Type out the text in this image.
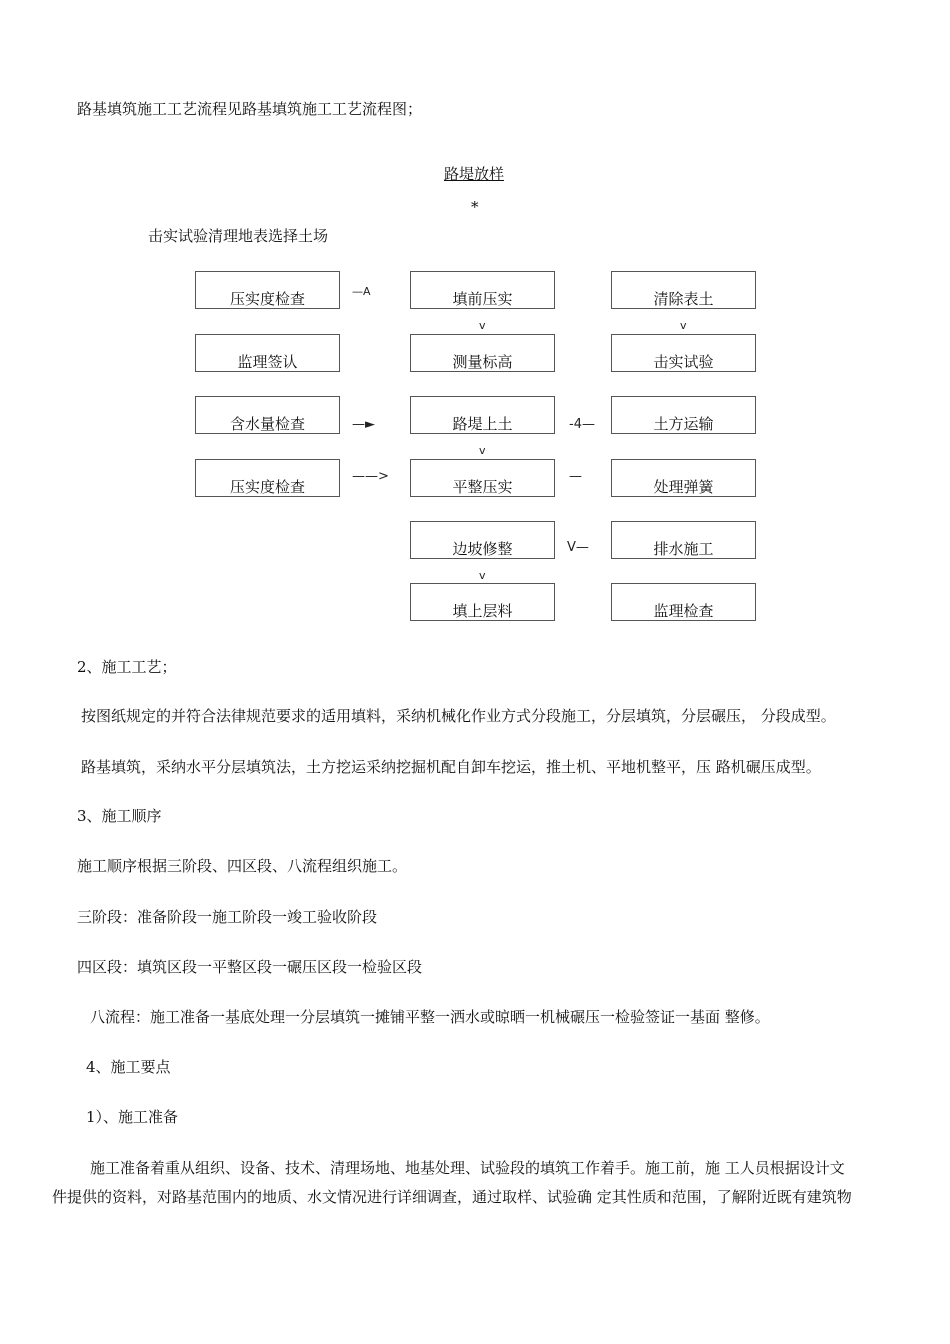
路基填筑施工工艺流程见路基填筑施工工艺流程图；
路堤放样
*
击实试验清理地表选择土场
压实度检查
监理签认
含水量检查
压实度检查
填前压实
测量标高
路堤上土
平整压实
边坡修整
填上层料
清除表土
击实试验
土方运输
处理弹簧
排水施工
监理检查
—A
—►
——>
-4—
—
V—
v
v
v
v
2、施工工艺；
按图纸规定的并符合法律规范要求的适用填料，采纳机械化作业方式分段施工，分层填筑，分层碾压， 分段成型。
路基填筑，采纳水平分层填筑法，土方挖运采纳挖掘机配自卸车挖运，推土机、平地机整平，压 路机碾压成型。
3、施工顺序
施工顺序根据三阶段、四区段、八流程组织施工。
三阶段：准备阶段一施工阶段一竣工验收阶段
四区段：填筑区段一平整区段一碾压区段一检验区段
八流程：施工准备一基底处理一分层填筑一摊铺平整一洒水或晾晒一机械碾压一检验签证一基面 整修。
4、施工要点
1）、施工准备
施工准备着重从组织、设备、技术、清理场地、地基处理、试验段的填筑工作着手。施工前，施 工人员根据设计文
件提供的资料，对路基范围内的地质、水文情况进行详细调查，通过取样、试验确 定其性质和范围，了解附近既有建筑物
